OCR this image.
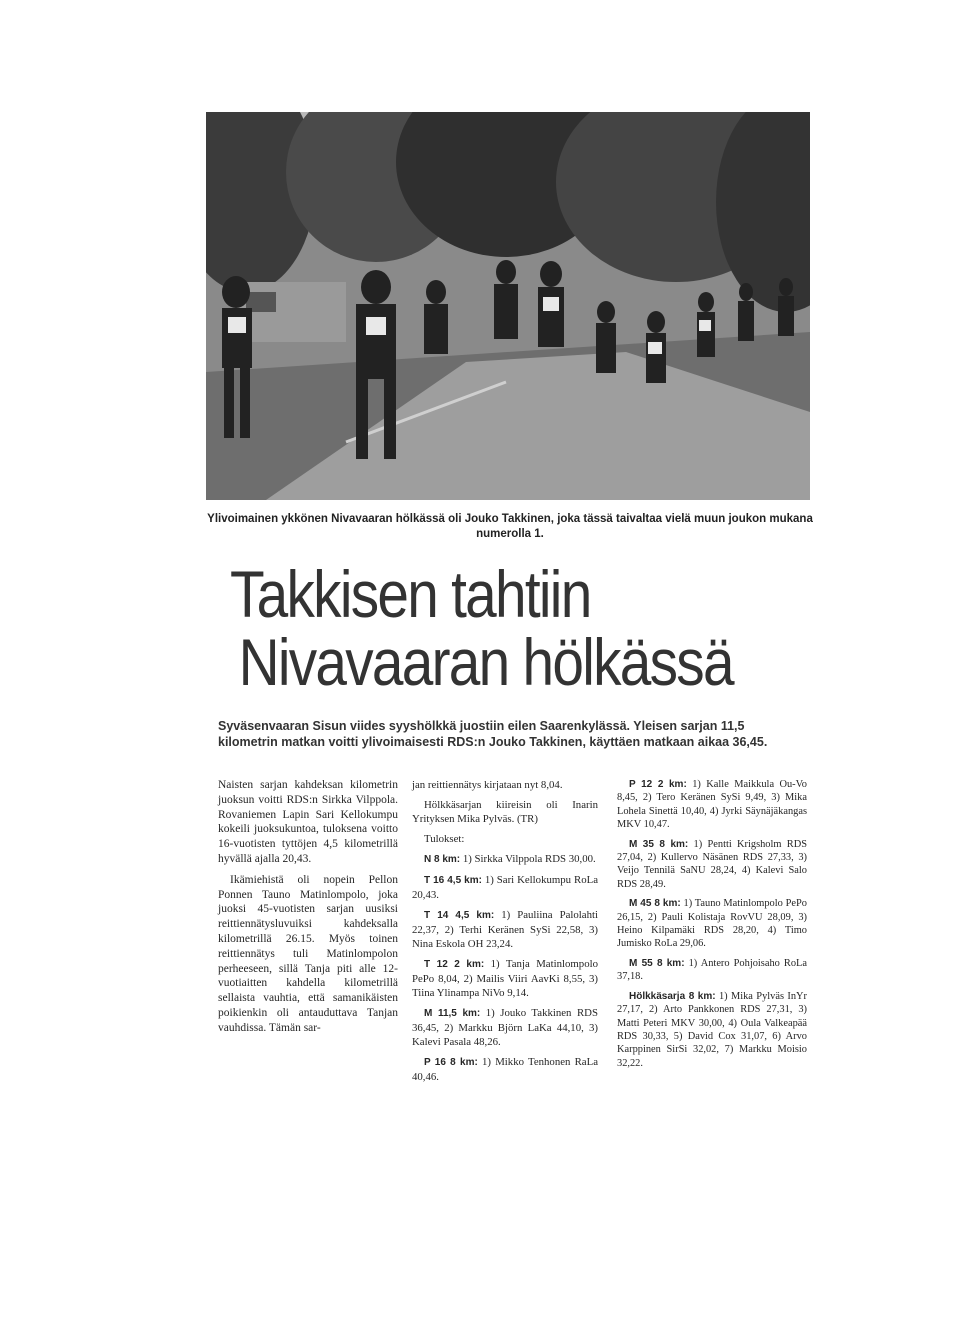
Ylivoimainen ykkönen Nivavaaran hölkässä oli Jouko Takkinen, joka tässä taivaltaa vielä muun joukon mukana numerolla 1.
Takkisen tahtiin
Nivavaaran hölkässä
Syväsenvaaran Sisun viides syyshölkkä juostiin eilen Saarenkylässä. Yleisen sarjan 11,5 kilometrin matkan voitti ylivoimaisesti RDS:n Jouko Takkinen, käyttäen matkaan aikaa 36,45.

Naisten sarjan kahdeksan kilometrin juoksun voitti RDS:n Sirkka Vilppola. Rovaniemen Lapin Sari Kellokumpu kokeili juoksukuntoa, tuloksena voitto 16-vuotisten tyttöjen 4,5 kilometrillä hyvällä ajalla 20,43.

Ikämiehistä oli nopein Pellon Ponnen Tauno Matinlompolo, joka juoksi 45-vuotisten sarjan uusiksi reittiennätysluvuiksi kahdeksalla kilometrillä 26.15. Myös toinen reittiennätys tuli Matinlompolon perheeseen, sillä Tanja piti alle 12-vuotiaitten kahdella kilometrillä sellaista vauhtia, että samanikäisten poikienkin oli antauduttava Tanjan vauhdissa. Tämän sar-

jan reittiennätys kirjataan nyt 8,04.

Hölkkäsarjan kiireisin oli Inarin Yrityksen Mika Pylväs. (TR)

Tulokset:

N 8 km: 1) Sirkka Vilppola RDS 30,00.

T 16 4,5 km: 1) Sari Kellokumpu RoLa 20,43.

T 14 4,5 km: 1) Pauliina Palolahti 22,37, 2) Terhi Keränen SySi 22,58, 3) Nina Eskola OH 23,24.

T 12 2 km: 1) Tanja Matinlompolo PePo 8,04, 2) Mailis Viiri AavKi 8,55, 3) Tiina Ylinampa NiVo 9,14.

M 11,5 km: 1) Jouko Takkinen RDS 36,45, 2) Markku Björn LaKa 44,10, 3) Kalevi Pasala 48,26.

P 16 8 km: 1) Mikko Tenhonen RaLa 40,46.

P 12 2 km: 1) Kalle Maikkula Ou-Vo 8,45, 2) Tero Keränen SySi 9,49, 3) Mika Lohela Sinettä 10,40, 4) Jyrki Säynäjäkangas MKV 10,47.

M 35 8 km: 1) Pentti Krigsholm RDS 27,04, 2) Kullervo Näsänen RDS 27,33, 3) Veijo Tennilä SaNU 28,24, 4) Kalevi Salo RDS 28,49.

M 45 8 km: 1) Tauno Matinlompolo PePo 26,15, 2) Pauli Kolistaja RovVU 28,09, 3) Heino Kilpamäki RDS 28,20, 4) Timo Jumisko RoLa 29,06.

M 55 8 km: 1) Antero Pohjoisaho RoLa 37,18.

Hölkkäsarja 8 km: 1) Mika Pylväs InYr 27,17, 2) Arto Pankkonen RDS 27,31, 3) Matti Peteri MKV 30,00, 4) Oula Valkeapää RDS 30,33, 5) David Cox 31,07, 6) Arvo Karppinen SirSi 32,02, 7) Markku Moisio 32,22.
